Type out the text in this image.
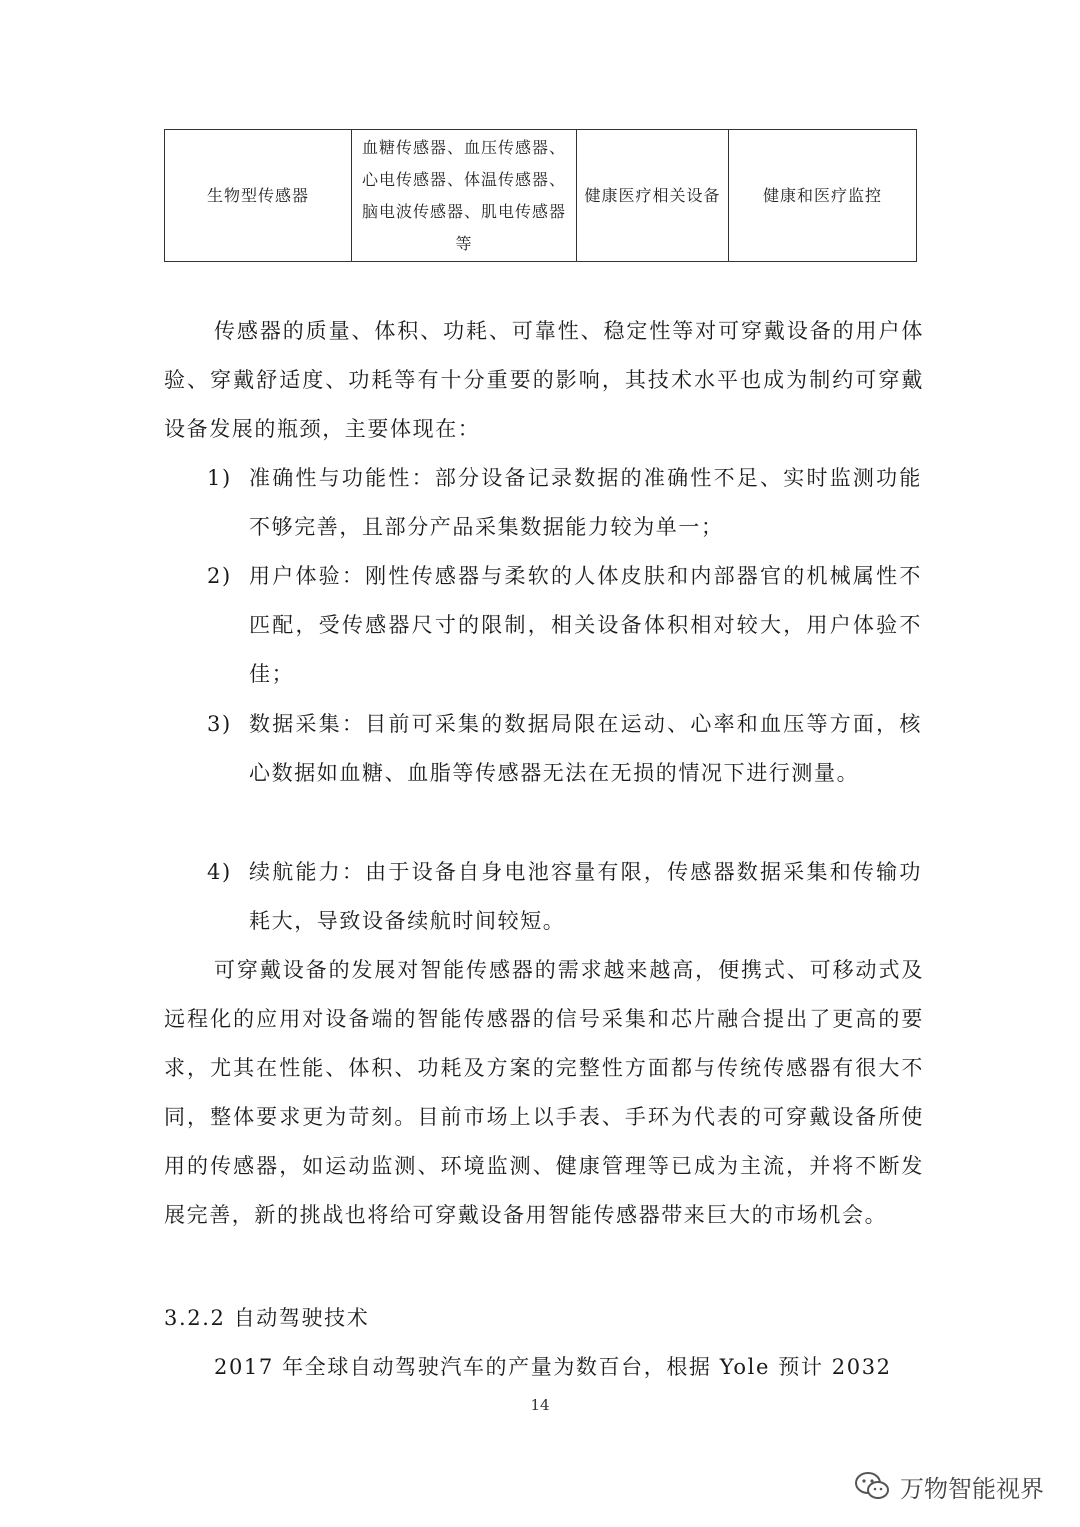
生物型传感器	血糖传感器、血压传感器、心电传感器、体温传感器、脑电波传感器、肌电传感器等	健康医疗相关设备	健康和医疗监控

传感器的质量、体积、功耗、可靠性、稳定性等对可穿戴设备的用户体验、穿戴舒适度、功耗等有十分重要的影响，其技术水平也成为制约可穿戴设备发展的瓶颈，主要体现在：

1) 准确性与功能性：部分设备记录数据的准确性不足、实时监测功能不够完善，且部分产品采集数据能力较为单一；
2) 用户体验：刚性传感器与柔软的人体皮肤和内部器官的机械属性不匹配，受传感器尺寸的限制，相关设备体积相对较大，用户体验不佳；
3) 数据采集：目前可采集的数据局限在运动、心率和血压等方面，核心数据如血糖、血脂等传感器无法在无损的情况下进行测量。
4) 续航能力：由于设备自身电池容量有限，传感器数据采集和传输功耗大，导致设备续航时间较短。

可穿戴设备的发展对智能传感器的需求越来越高，便携式、可移动式及远程化的应用对设备端的智能传感器的信号采集和芯片融合提出了更高的要求，尤其在性能、体积、功耗及方案的完整性方面都与传统传感器有很大不同，整体要求更为苛刻。目前市场上以手表、手环为代表的可穿戴设备所使用的传感器，如运动监测、环境监测、健康管理等已成为主流，并将不断发展完善，新的挑战也将给可穿戴设备用智能传感器带来巨大的市场机会。

3.2.2 自动驾驶技术

2017 年全球自动驾驶汽车的产量为数百台，根据 Yole 预计 2032

14
万物智能视界
